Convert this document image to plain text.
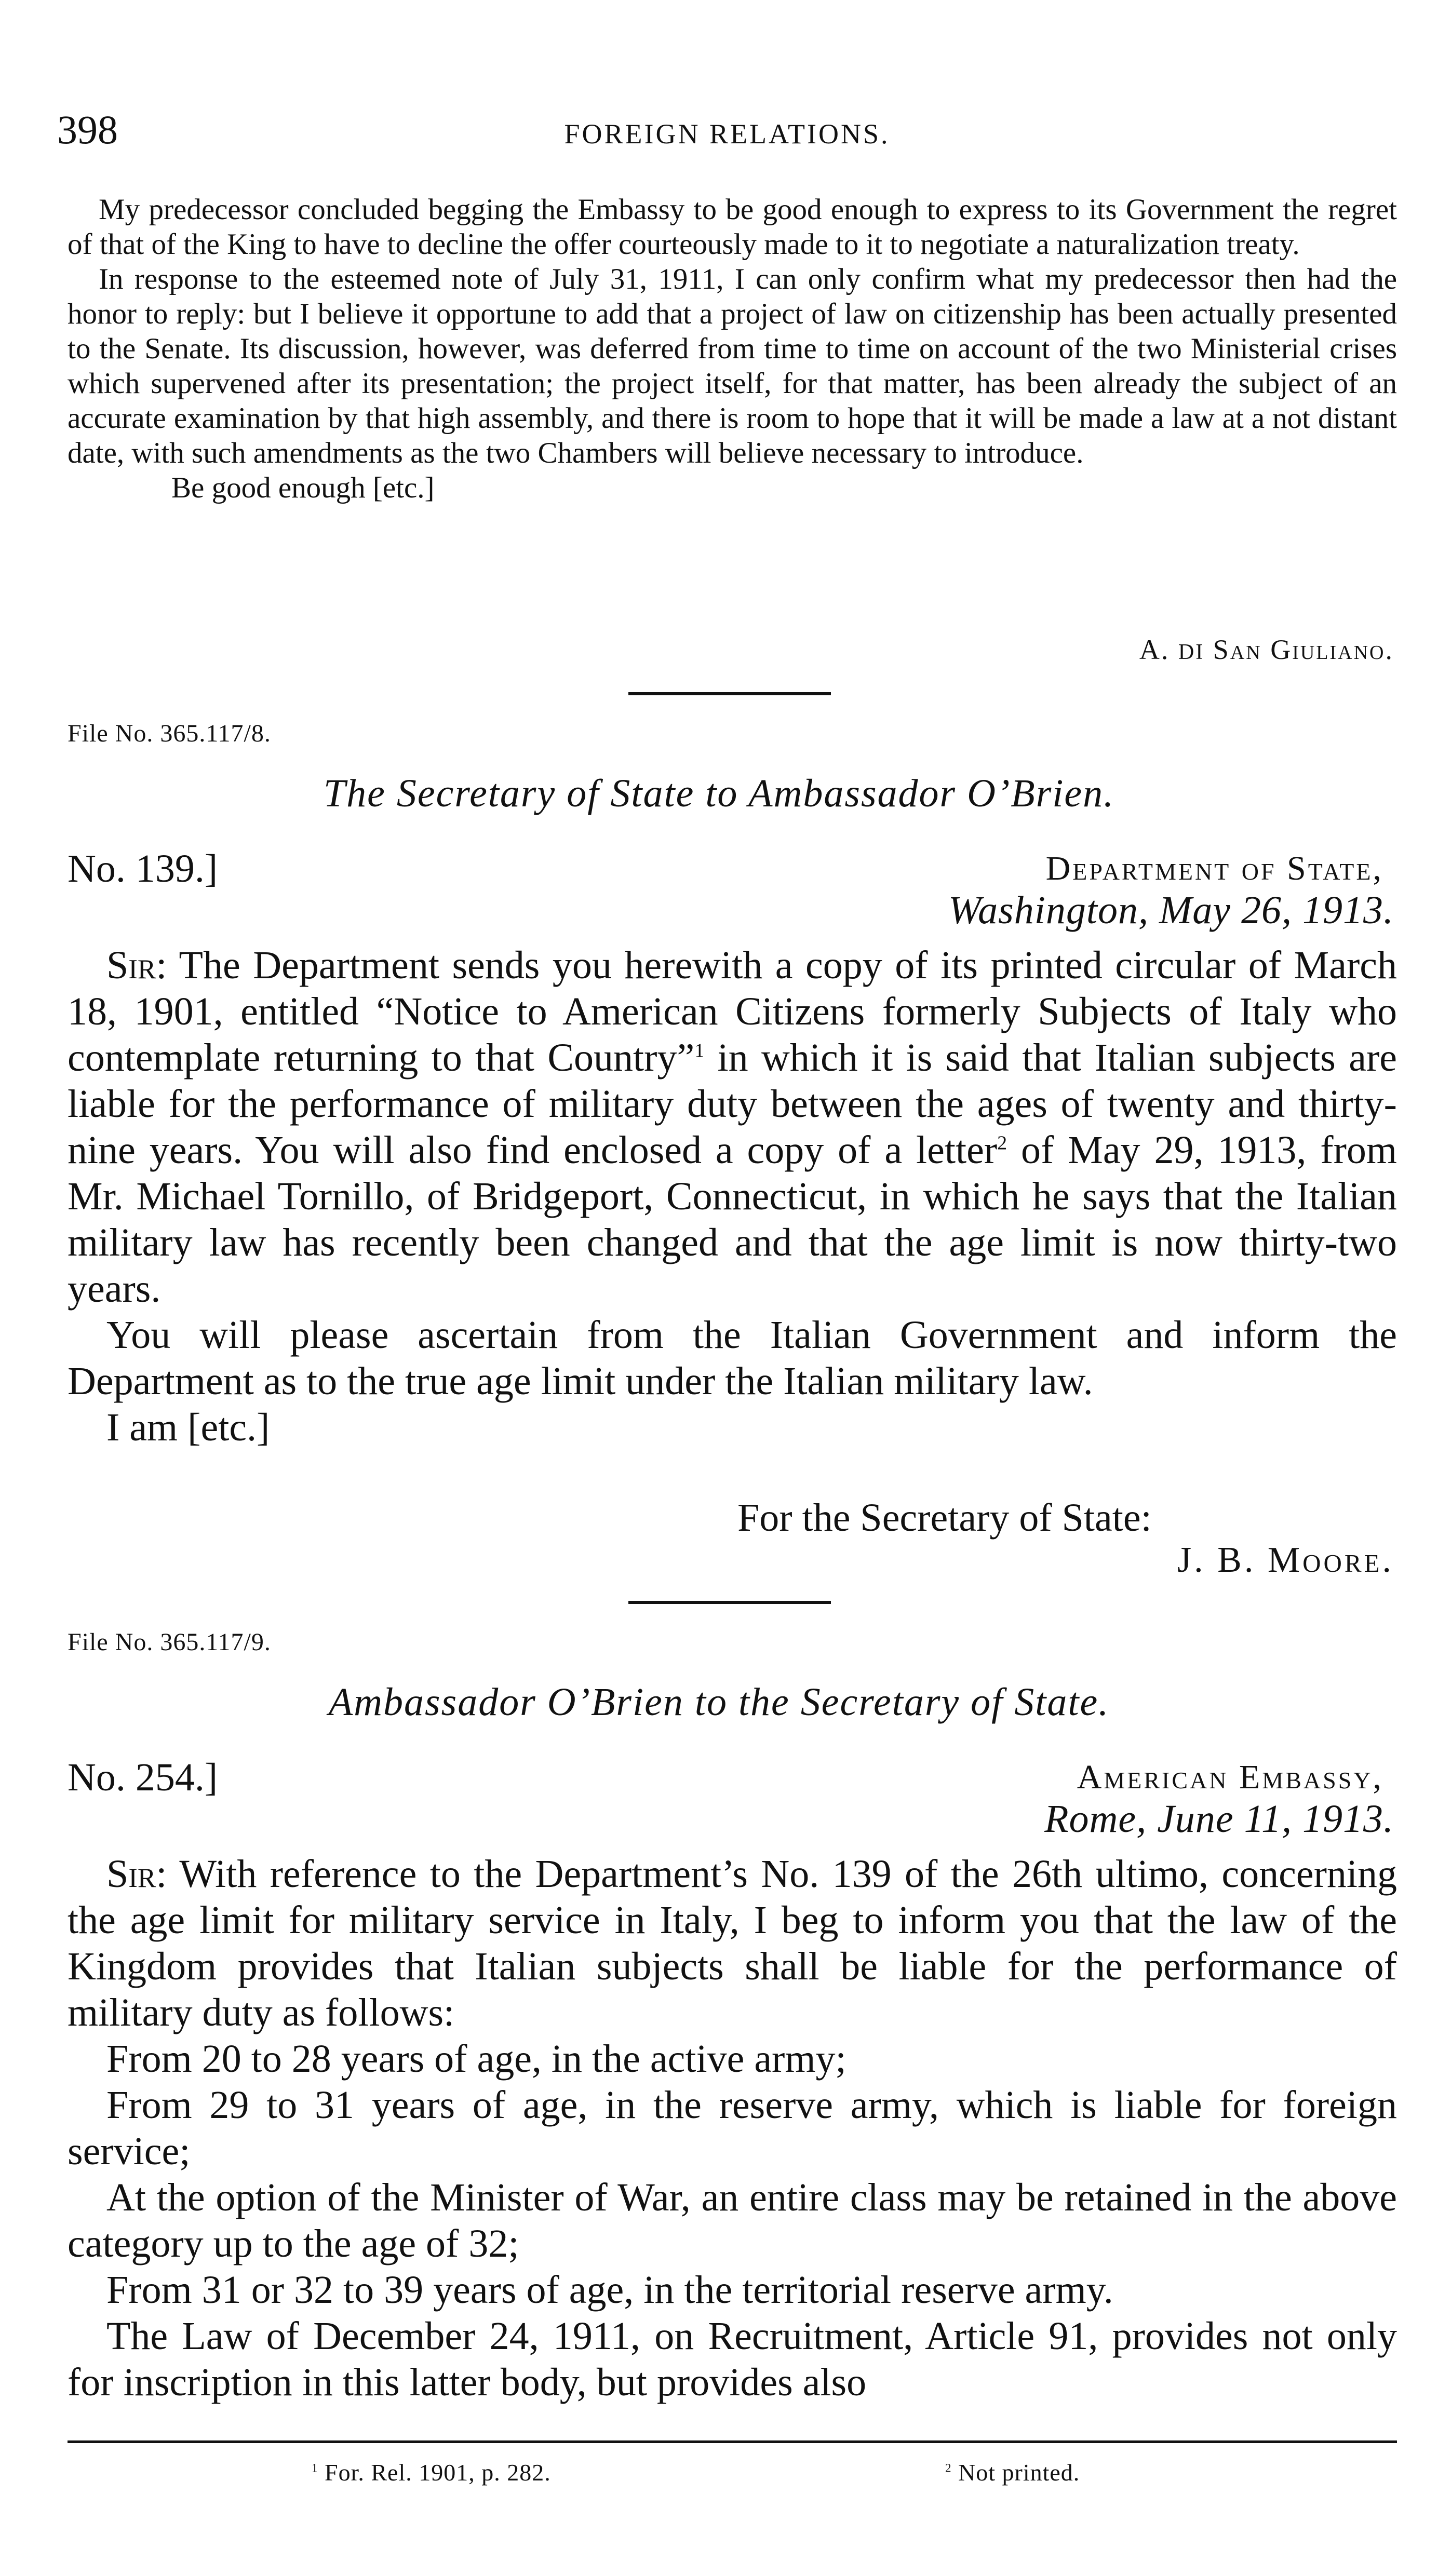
398	FOREIGN RELATIONS.

My predecessor concluded begging the Embassy to be good enough to express to its Government the regret of that of the King to have to decline the offer courteously made to it to negotiate a naturalization treaty.

In response to the esteemed note of July 31, 1911, I can only confirm what my predecessor then had the honor to reply: but I believe it opportune to add that a project of law on citizenship has been actually presented to the Senate. Its discussion, however, was deferred from time to time on account of the two Ministerial crises which supervened after its presentation; the project itself, for that matter, has been already the subject of an accurate examination by that high assembly, and there is room to hope that it will be made a law at a not distant date, with such amendments as the two Chambers will believe necessary to introduce.

Be good enough [etc.]

A. DI San Giuliano.
File No. 365.117/8.
The Secretary of State to Ambassador O’Brien.
No. 139.]	Department of State,
Washington, May 26, 1913.

Sir: The Department sends you herewith a copy of its printed circular of March 18, 1901, entitled “Notice to American Citizens formerly Subjects of Italy who contemplate returning to that Country”$^1$ in which it is said that Italian subjects are liable for the performance of military duty between the ages of twenty and thirty-nine years. You will also find enclosed a copy of a letter$^2$ of May 29, 1913, from Mr. Michael Tornillo, of Bridgeport, Connecticut, in which he says that the Italian military law has recently been changed and that the age limit is now thirty-two years.

You will please ascertain from the Italian Government and inform the Department as to the true age limit under the Italian military law.

I am [etc.]

For the Secretary of State:
J. B. Moore.
File No. 365.117/9.
Ambassador O’Brien to the Secretary of State.
No. 254.]	American Embassy,
Rome, June 11, 1913.

Sir: With reference to the Department’s No. 139 of the 26th ultimo, concerning the age limit for military service in Italy, I beg to inform you that the law of the Kingdom provides that Italian subjects shall be liable for the performance of military duty as follows:

From 20 to 28 years of age, in the active army;

From 29 to 31 years of age, in the reserve army, which is liable for foreign service;

At the option of the Minister of War, an entire class may be retained in the above category up to the age of 32;

From 31 or 32 to 39 years of age, in the territorial reserve army.

The Law of December 24, 1911, on Recruitment, Article 91, provides not only for inscription in this latter body, but provides also

$^1$ For. Rel. 1901, p. 282.	$^2$ Not printed.
